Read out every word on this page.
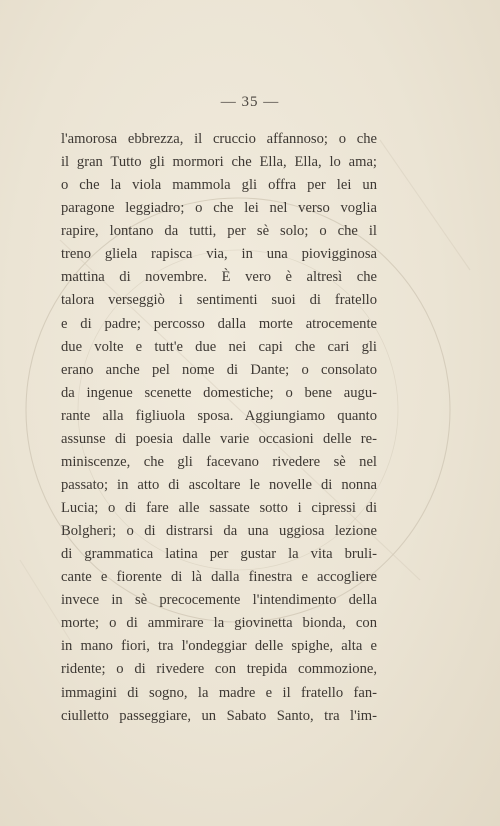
— 35 —
l'amorosa ebbrezza, il cruccio affannoso; o che
il gran Tutto gli mormori che Ella, Ella, lo ama;
o che la viola mammola gli offra per lei un
paragone leggiadro; o che lei nel verso voglia
rapire, lontano da tutti, per sè solo; o che il
treno gliela rapisca via, in una piovigginosa
mattina di novembre. È vero è altresì che
talora verseggiò i sentimenti suoi di fratello
e di padre; percosso dalla morte atrocemente
due volte e tutt'e due nei capi che cari gli
erano anche pel nome di Dante; o consolato
da ingenue scenette domestiche; o bene augu-
rante alla figliuola sposa. Aggiungiamo quanto
assunse di poesia dalle varie occasioni delle re-
miniscenze, che gli facevano rivedere sè nel
passato; in atto di ascoltare le novelle di nonna
Lucia; o di fare alle sassate sotto i cipressi di
Bolgheri; o di distrarsi da una uggiosa lezione
di grammatica latina per gustar la vita bruli-
cante e fiorente di là dalla finestra e accogliere
invece in sè precocemente l'intendimento della
morte; o di ammirare la giovinetta bionda, con
in mano fiori, tra l'ondeggiar delle spighe, alta e
ridente; o di rivedere con trepida commozione,
immagini di sogno, la madre e il fratello fan-
ciulletto passeggiare, un Sabato Santo, tra l'im-
